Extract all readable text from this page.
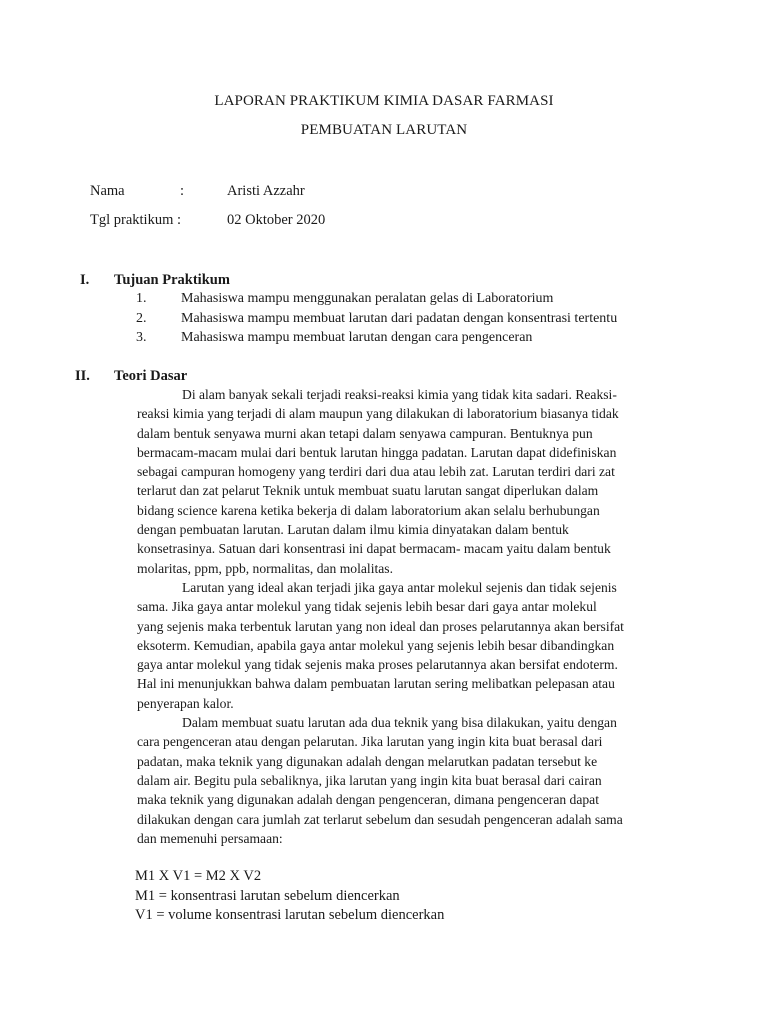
LAPORAN PRAKTIKUM KIMIA DASAR FARMASI
PEMBUATAN LARUTAN
Nama	:	Aristi Azzahr
Tgl praktikum :	02 Oktober 2020
I. Tujuan Praktikum
1. Mahasiswa mampu menggunakan peralatan gelas di Laboratorium
2. Mahasiswa mampu membuat larutan dari padatan dengan konsentrasi tertentu
3. Mahasiswa mampu membuat larutan dengan cara pengenceran
II. Teori Dasar
Di alam banyak sekali terjadi reaksi-reaksi kimia yang tidak kita sadari. Reaksi-
reaksi kimia yang terjadi di alam maupun yang dilakukan di laboratorium biasanya tidak
dalam bentuk senyawa murni akan tetapi dalam senyawa campuran. Bentuknya pun
bermacam-macam mulai dari bentuk larutan hingga padatan. Larutan dapat didefiniskan
sebagai campuran homogeny yang terdiri dari dua atau lebih zat. Larutan terdiri dari zat
terlarut dan zat pelarut Teknik untuk membuat suatu larutan sangat diperlukan dalam
bidang science karena ketika bekerja di dalam laboratorium akan selalu berhubungan
dengan pembuatan larutan. Larutan dalam ilmu kimia dinyatakan dalam bentuk
konsetrasinya. Satuan dari konsentrasi ini dapat bermacam- macam yaitu dalam bentuk
molaritas, ppm, ppb, normalitas, dan molalitas.
Larutan yang ideal akan terjadi jika gaya antar molekul sejenis dan tidak sejenis
sama. Jika gaya antar molekul yang tidak sejenis lebih besar dari gaya antar molekul
yang sejenis maka terbentuk larutan yang non ideal dan proses pelarutannya akan bersifat
eksoterm. Kemudian, apabila gaya antar molekul yang sejenis lebih besar dibandingkan
gaya antar molekul yang tidak sejenis maka proses pelarutannya akan bersifat endoterm.
Hal ini menunjukkan bahwa dalam pembuatan larutan sering melibatkan pelepasan atau
penyerapan kalor.
Dalam membuat suatu larutan ada dua teknik yang bisa dilakukan, yaitu dengan
cara pengenceran atau dengan pelarutan. Jika larutan yang ingin kita buat berasal dari
padatan, maka teknik yang digunakan adalah dengan melarutkan padatan tersebut ke
dalam air. Begitu pula sebaliknya, jika larutan yang ingin kita buat berasal dari cairan
maka teknik yang digunakan adalah dengan pengenceran, dimana pengenceran dapat
dilakukan dengan cara jumlah zat terlarut sebelum dan sesudah pengenceran adalah sama
dan memenuhi persamaan:
M1 X V1 = M2 X V2
M1 = konsentrasi larutan sebelum diencerkan
V1 = volume konsentrasi larutan sebelum diencerkan
